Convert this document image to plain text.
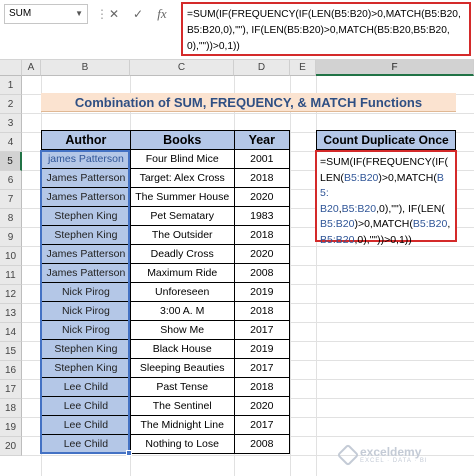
SUM	▼ ⋮ ✕	✓	fx	=SUM(IF(FREQUENCY(IF(LEN(B5:B20)>0,MATCH(B5:B20,B5:B20,0),""), IF(LEN(B5:B20)>0,MATCH(B5:B20,B5:B20,0),""))>0,1))
A	B	C	D	E	F
1
2
3
4
5
6
7
8
9
10
11
12
13
14
15
16
17
18
19
20
Combination of SUM, FREQUENCY, & MATCH Functions
Author	Books	Year
james Patterson	Four Blind Mice	2001
James Patterson	Target: Alex Cross	2018
James Patterson	The Summer House	2020
Stephen King	Pet Sematary	1983
Stephen King	The Outsider	2018
James Patterson	Deadly Cross	2020
James Patterson	Maximum Ride	2008
Nick Pirog	Unforeseen	2019
Nick Pirog	3:00 A. M	2018
Nick Pirog	Show Me	2017
Stephen King	Black House	2019
Stephen King	Sleeping Beauties	2017
Lee Child	Past Tense	2018
Lee Child	The Sentinel	2020
Lee Child	The Midnight Line	2017
Lee Child	Nothing to Lose	2008
Count Duplicate Once
=SUM(IF(FREQUENCY(IF(
LEN(B5:B20)>0,MATCH(B5:
B20,B5:B20,0),""), IF(LEN(
B5:B20)>0,MATCH(B5:B20,
B5:B20,0),""))>0,1))
exceldemy
EXCEL · DATA · BI
